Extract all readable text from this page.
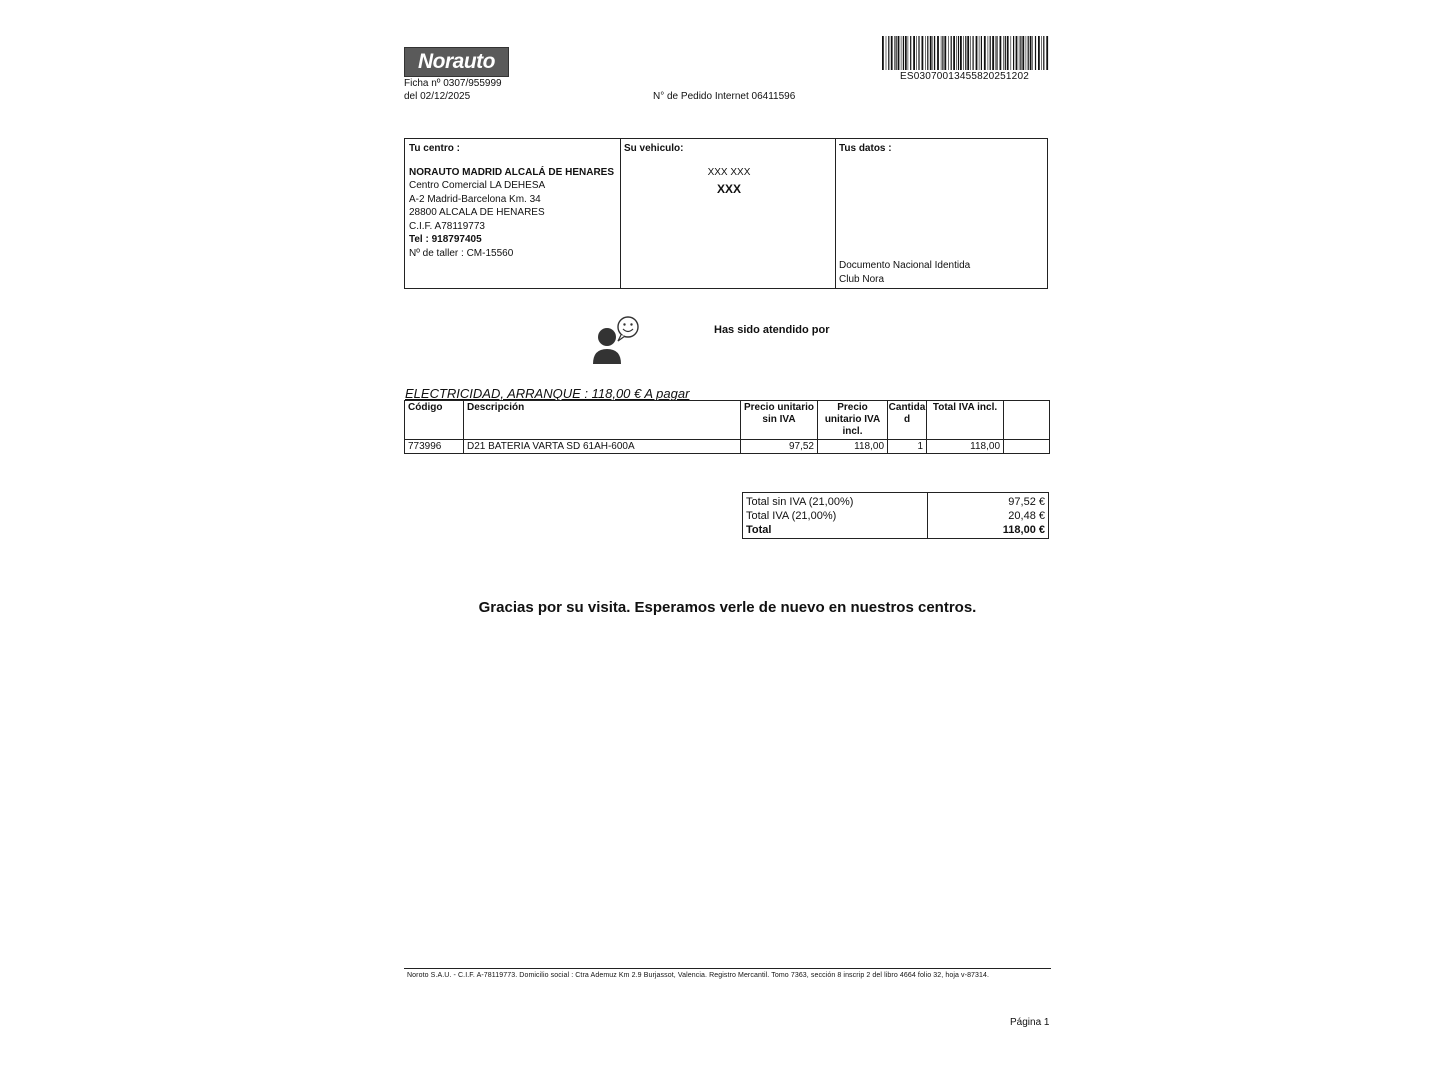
Norauto
Ficha nº 0307/955999
del 02/12/2025	N° de Pedido Internet 06411596
ES03070013455820251202
Tu centro :
NORAUTO MADRID ALCALÁ DE HENARES
Centro Comercial LA DEHESA
A-2 Madrid-Barcelona Km. 34
28800 ALCALA DE HENARES
C.I.F. A78119773
Tel : 918797405
Nº de taller : CM-15560
Su vehiculo:
XXX XXX
XXX
Tus datos :
Documento Nacional Identida
Club Nora
Has sido atendido por
ELECTRICIDAD, ARRANQUE : 118,00 € A pagar
Código	Descripción	Precio unitario sin IVA	Precio unitario IVA incl.	Cantidad	Total IVA incl.	
773996	D21 BATERIA VARTA SD 61AH-600A	97,52	118,00	1	118,00	
Total sin IVA (21,00%)	97,52 €
Total IVA (21,00%)	20,48 €
Total	118,00 €
Gracias por su visita. Esperamos verle de nuevo en nuestros centros.
Noroto S.A.U. - C.I.F. A-78119773. Domicilio social : Ctra Ademuz Km 2.9 Burjassot, Valencia. Registro Mercantil. Tomo 7363, sección 8 inscrip 2 del libro 4664 folio 32, hoja v-87314.
Página 1
